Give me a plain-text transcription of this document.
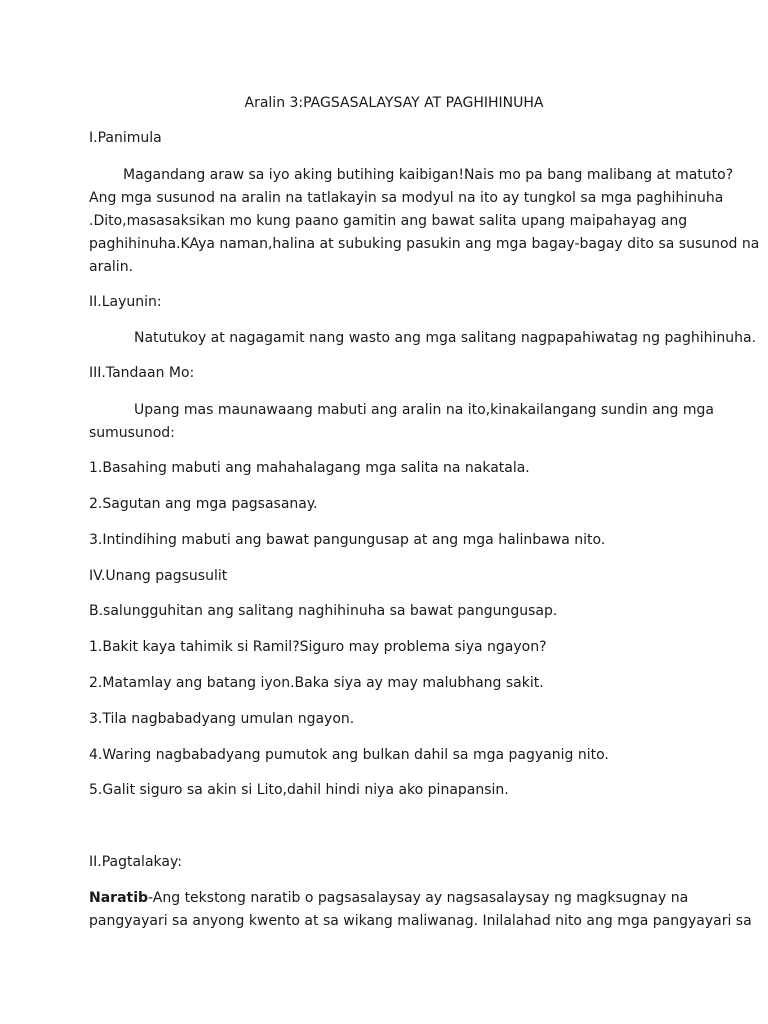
Aralin 3:PAGSASALAYSAY AT PAGHIHINUHA
I.Panimula
Magandang araw sa iyo aking butihing kaibigan!Nais mo pa bang malibang at matuto?
Ang mga susunod na aralin na tatlakayin sa modyul na ito ay tungkol sa mga paghihinuha
.Dito,masasaksikan mo kung paano gamitin ang bawat salita upang maipahayag ang
paghihinuha.KAya naman,halina at subuking pasukin ang mga bagay-bagay dito sa susunod na
aralin.
II.Layunin:
Natutukoy at nagagamit nang wasto ang mga salitang nagpapahiwatag ng paghihinuha.
III.Tandaan Mo:
Upang mas maunawaang mabuti ang aralin na ito,kinakailangang sundin ang mga
sumusunod:
1.Basahing mabuti ang mahahalagang mga salita na nakatala.
2.Sagutan ang mga pagsasanay.
3.Intindihing mabuti ang bawat pangungusap at ang mga halinbawa nito.
IV.Unang pagsusulit
B.salungguhitan ang salitang naghihinuha sa bawat pangungusap.
1.Bakit kaya tahimik si Ramil?Siguro may problema siya ngayon?
2.Matamlay ang batang iyon.Baka siya ay may malubhang sakit.
3.Tila nagbabadyang umulan ngayon.
4.Waring nagbabadyang pumutok ang bulkan dahil sa mga pagyanig nito.
5.Galit siguro sa akin si Lito,dahil hindi niya ako pinapansin.
II.Pagtalakay:
Naratib-Ang tekstong naratib o pagsasalaysay ay nagsasalaysay ng magksugnay na
pangyayari sa anyong kwento at sa wikang maliwanag. Inilalahad nito ang mga pangyayari sa
